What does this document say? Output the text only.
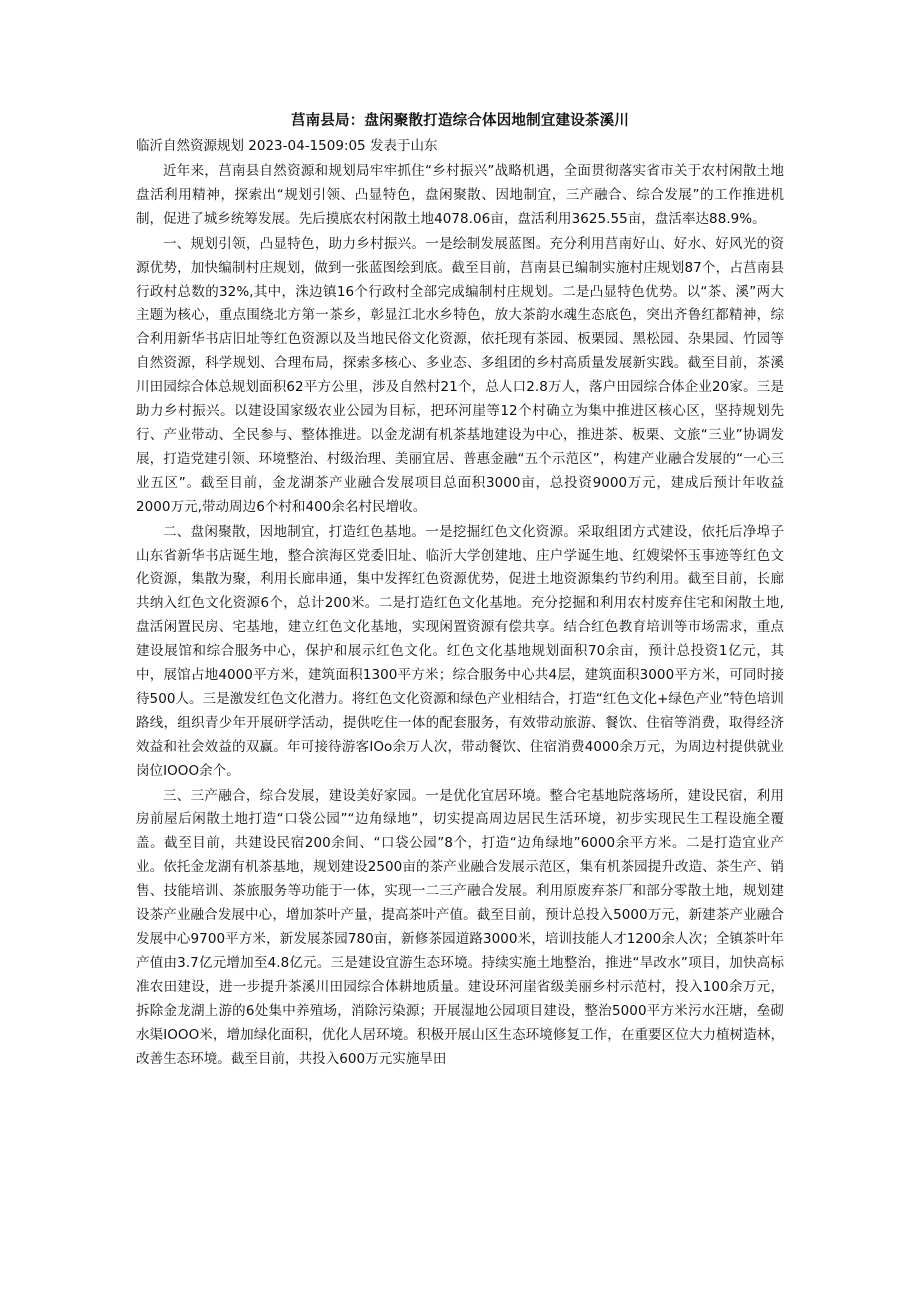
莒南县局：盘闲聚散打造综合体因地制宜建设茶溪川
临沂自然资源规划 2023-04-1509:05 发表于山东

近年来，莒南县自然资源和规划局牢牢抓住“乡村振兴”战略机遇，全面贯彻落实省市关于农村闲散土地盘活利用精神，探索出“规划引领、凸显特色，盘闲聚散、因地制宜，三产融合、综合发展”的工作推进机制，促进了城乡统筹发展。先后摸底农村闲散土地4078.06亩，盘活利用3625.55亩，盘活率达88.9%。

一、规划引领，凸显特色，助力乡村振兴。一是绘制发展蓝图。充分利用莒南好山、好水、好风光的资源优势，加快编制村庄规划，做到一张蓝图绘到底。截至目前，莒南县已编制实施村庄规划87个，占莒南县行政村总数的32%,其中，洙边镇16个行政村全部完成编制村庄规划。二是凸显特色优势。以“茶、溪”两大主题为核心，重点围绕北方第一茶乡，彰显江北水乡特色，放大茶韵水魂生态底色，突出齐鲁红都精神，综合利用新华书店旧址等红色资源以及当地民俗文化资源，依托现有茶园、板栗园、黑松园、杂果园、竹园等自然资源，科学规划、合理布局，探索多核心、多业态、多组团的乡村高质量发展新实践。截至目前，茶溪川田园综合体总规划面积62平方公里，涉及自然村21个，总人口2.8万人，落户田园综合体企业20家。三是助力乡村振兴。以建设国家级农业公园为目标，把环河崖等12个村确立为集中推进区核心区，坚持规划先行、产业带动、全民参与、整体推进。以金龙湖有机茶基地建设为中心，推进茶、板栗、文旅“三业”协调发展，打造党建引领、环境整治、村级治理、美丽宜居、普惠金融“五个示范区”，构建产业融合发展的“一心三业五区”。截至目前，金龙湖茶产业融合发展项目总面积3000亩，总投资9000万元，建成后预计年收益2000万元,带动周边6个村和400余名村民增收。

二、盘闲聚散，因地制宜，打造红色基地。一是挖掘红色文化资源。采取组团方式建设，依托后净埠子山东省新华书店诞生地，整合滨海区党委旧址、临沂大学创建地、庄户学诞生地、红嫂梁怀玉事迹等红色文化资源，集散为聚，利用长廊串通，集中发挥红色资源优势，促进土地资源集约节约利用。截至目前，长廊共纳入红色文化资源6个，总计200米。二是打造红色文化基地。充分挖掘和利用农村废弃住宅和闲散土地,盘活闲置民房、宅基地，建立红色文化基地，实现闲置资源有偿共享。结合红色教育培训等市场需求，重点建设展馆和综合服务中心，保护和展示红色文化。红色文化基地规划面积70余亩，预计总投资1亿元，其中，展馆占地4000平方米，建筑面积1300平方米；综合服务中心共4层，建筑面积3000平方米，可同时接待500人。三是激发红色文化潜力。将红色文化资源和绿色产业相结合，打造“红色文化+绿色产业”特色培训路线，组织青少年开展研学活动，提供吃住一体的配套服务，有效带动旅游、餐饮、住宿等消费，取得经济效益和社会效益的双赢。年可接待游客IOo余万人次，带动餐饮、住宿消费4000余万元，为周边村提供就业岗位IOOO余个。

三、三产融合，综合发展，建设美好家园。一是优化宜居环境。整合宅基地院落场所，建设民宿，利用房前屋后闲散土地打造“口袋公园”“边角绿地”，切实提高周边居民生活环境，初步实现民生工程设施全覆盖。截至目前，共建设民宿200余间、“口袋公园”8个，打造“边角绿地”6000余平方米。二是打造宜业产业。依托金龙湖有机茶基地，规划建设2500亩的茶产业融合发展示范区，集有机茶园提升改造、茶生产、销售、技能培训、茶旅服务等功能于一体，实现一二三产融合发展。利用原废弃茶厂和部分零散土地，规划建设茶产业融合发展中心，增加茶叶产量，提高茶叶产值。截至目前，预计总投入5000万元，新建茶产业融合发展中心9700平方米，新发展茶园780亩，新修茶园道路3000米，培训技能人才1200余人次；全镇茶叶年产值由3.7亿元增加至4.8亿元。三是建设宜游生态环境。持续实施土地整治，推进“旱改水”项目，加快高标准农田建设，进一步提升茶溪川田园综合体耕地质量。建设环河崖省级美丽乡村示范村，投入100余万元，拆除金龙湖上游的6处集中养殖场，消除污染源；开展湿地公园项目建设，整治5000平方米污水汪塘，垒砌水渠IOOO米，增加绿化面积，优化人居环境。积极开展山区生态环境修复工作，在重要区位大力植树造林，改善生态环境。截至目前，共投入600万元实施旱田
